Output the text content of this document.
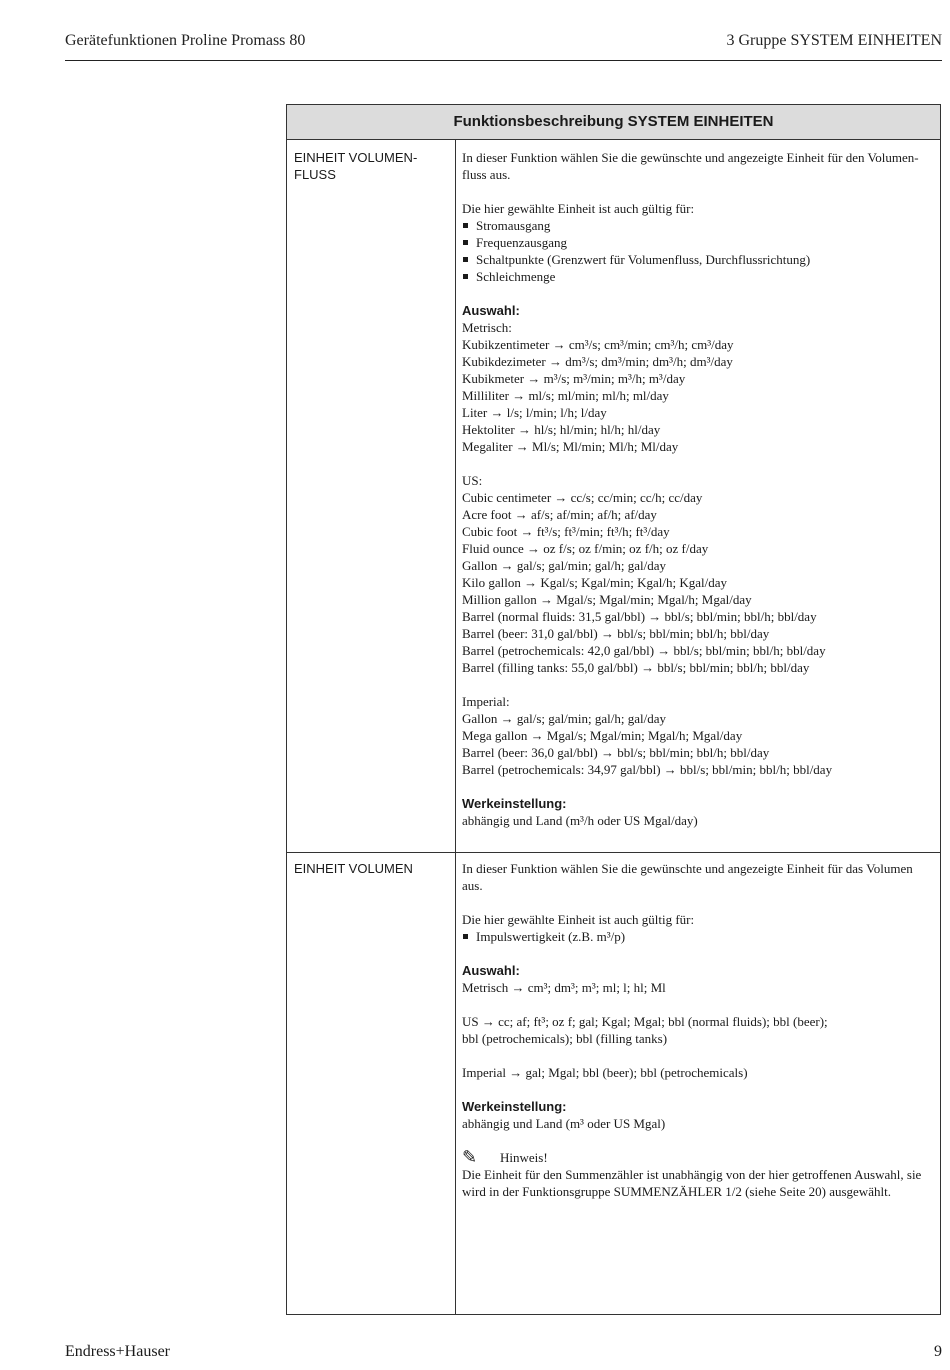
Gerätefunktionen Proline Promass 80	3 Gruppe SYSTEM EINHEITEN
Funktionsbeschreibung SYSTEM EINHEITEN
EINHEIT VOLUMEN-
FLUSS

In dieser Funktion wählen Sie die gewünschte und angezeigte Einheit für den Volumen-

fluss aus.

Die hier gewählte Einheit ist auch gültig für:

Stromausgang
Frequenzausgang
Schaltpunkte (Grenzwert für Volumenfluss, Durchflussrichtung)
Schleichmenge

Auswahl:

Metrisch:

Kubikzentimeter → cm³/s; cm³/min; cm³/h; cm³/day

Kubikdezimeter → dm³/s; dm³/min; dm³/h; dm³/day

Kubikmeter → m³/s; m³/min; m³/h; m³/day

Milliliter → ml/s; ml/min; ml/h; ml/day

Liter → l/s; l/min; l/h; l/day

Hektoliter → hl/s; hl/min; hl/h; hl/day

Megaliter → Ml/s; Ml/min; Ml/h; Ml/day

US:

Cubic centimeter → cc/s; cc/min; cc/h; cc/day

Acre foot → af/s; af/min; af/h; af/day

Cubic foot → ft³/s; ft³/min; ft³/h; ft³/day

Fluid ounce → oz f/s; oz f/min; oz f/h; oz f/day

Gallon → gal/s; gal/min; gal/h; gal/day

Kilo gallon → Kgal/s; Kgal/min; Kgal/h; Kgal/day

Million gallon → Mgal/s; Mgal/min; Mgal/h; Mgal/day

Barrel (normal fluids: 31,5 gal/bbl) → bbl/s; bbl/min; bbl/h; bbl/day

Barrel (beer: 31,0 gal/bbl) → bbl/s; bbl/min; bbl/h; bbl/day

Barrel (petrochemicals: 42,0 gal/bbl) → bbl/s; bbl/min; bbl/h; bbl/day

Barrel (filling tanks: 55,0 gal/bbl) → bbl/s; bbl/min; bbl/h; bbl/day

Imperial:

Gallon → gal/s; gal/min; gal/h; gal/day

Mega gallon → Mgal/s; Mgal/min; Mgal/h; Mgal/day

Barrel (beer: 36,0 gal/bbl) → bbl/s; bbl/min; bbl/h; bbl/day

Barrel (petrochemicals: 34,97 gal/bbl) → bbl/s; bbl/min; bbl/h; bbl/day

Werkeinstellung:

abhängig und Land (m³/h oder US Mgal/day)

EINHEIT VOLUMEN	In dieser Funktion wählen Sie die gewünschte und angezeigte Einheit für das Volumen

aus.

Die hier gewählte Einheit ist auch gültig für:

Impulswertigkeit (z.B. m³/p)

Auswahl:

Metrisch → cm³; dm³; m³; ml; l; hl; Ml

US → cc; af; ft³; oz f; gal; Kgal; Mgal; bbl (normal fluids); bbl (beer);

bbl (petrochemicals); bbl (filling tanks)

Imperial → gal; Mgal; bbl (beer); bbl (petrochemicals)

Werkeinstellung:

abhängig und Land (m³ oder US Mgal)

✎	Hinweis!

Die Einheit für den Summenzähler ist unabhängig von der hier getroffenen Auswahl, sie

wird in der Funktionsgruppe SUMMENZÄHLER 1/2 (siehe Seite 20) ausgewählt.

Endress+Hauser	9
